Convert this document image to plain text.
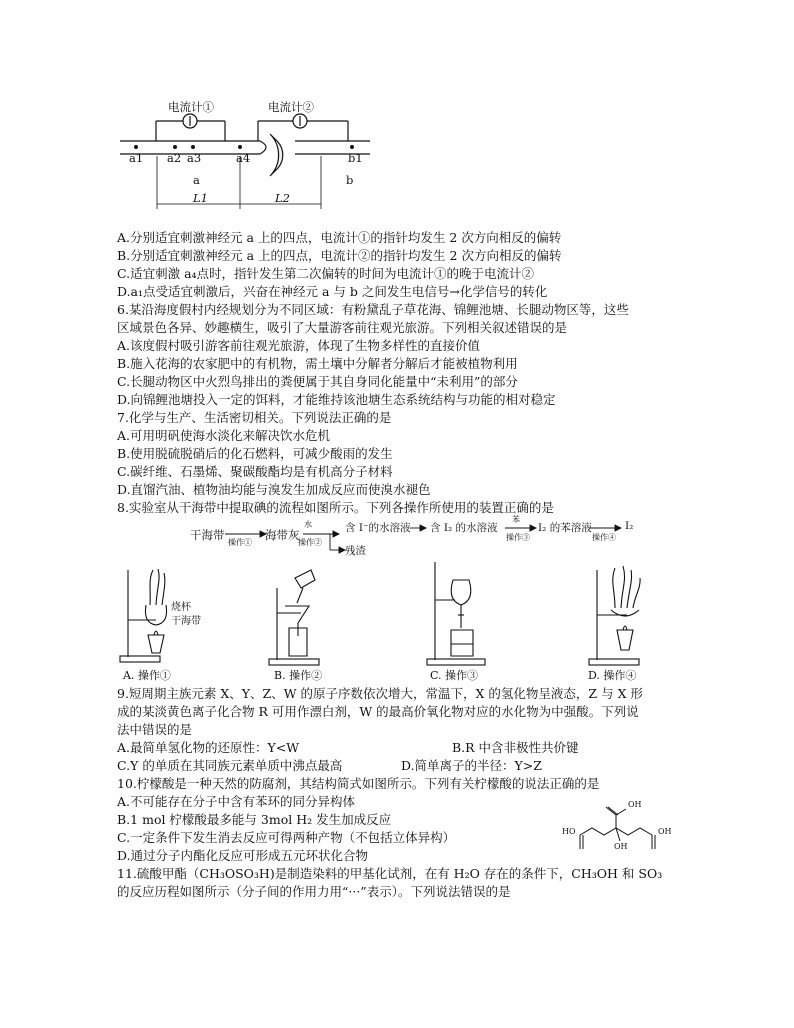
电流计①	电流计②
a1 a2 a3	a4	b1
a	b
L1	L2
A.分别适宜刺激神经元 a 上的四点，电流计①的指针均发生 2 次方向相反的偏转
B.分别适宜刺激神经元 a 上的四点，电流计②的指针均发生 2 次方向相反的偏转
C.适宜刺激 a₄点时，指针发生第二次偏转的时间为电流计①的晚于电流计②
D.a₁点受适宜刺激后，兴奋在神经元 a 与 b 之间发生电信号→化学信号的转化
6.某沿海度假村内经规划分为不同区域：有粉黛乱子草花海、锦鲤池塘、长腿动物区等，这些
区域景色各异、妙趣横生，吸引了大量游客前往观光旅游。下列相关叙述错误的是
A.该度假村吸引游客前往观光旅游，体现了生物多样性的直接价值
B.施入花海的农家肥中的有机物，需土壤中分解者分解后才能被植物利用
C.长腿动物区中火烈鸟排出的粪便属于其自身同化能量中“未利用”的部分
D.向锦鲤池塘投入一定的饵料，才能维持该池塘生态系统结构与功能的相对稳定
7.化学与生产、生活密切相关。下列说法正确的是
A.可用明矾使海水淡化来解决饮水危机
B.使用脱硫脱硝后的化石燃料，可减少酸雨的发生
C.碳纤维、石墨烯、聚碳酸酯均是有机高分子材料
D.直馏汽油、植物油均能与溴发生加成反应而使溴水褪色
8.实验室从干海带中提取碘的流程如图所示。下列各操作所使用的装置正确的是
干海带
操作①
海带灰
水
操作②
含 I⁻的水溶液
残渣
含 I₂ 的水溶液
苯
操作③
I₂ 的苯溶液
操作④
I₂
烧杯
干海带
A. 操作①	B. 操作②	C. 操作③	D. 操作④
9.短周期主族元素 X、Y、Z、W 的原子序数依次增大，常温下，X 的氢化物呈液态，Z 与 X 形
成的某淡黄色离子化合物 R 可用作漂白剂，W 的最高价氧化物对应的水化物为中强酸。下列说
法中错误的是
A.最简单氢化物的还原性：Y<W	B.R 中含非极性共价键
C.Y 的单质在其同族元素单质中沸点最高	D.简单离子的半径：Y>Z
10.柠檬酸是一种天然的防腐剂，其结构简式如图所示。下列有关柠檬酸的说法正确的是
A.不可能存在分子中含有苯环的同分异构体
B.1 mol 柠檬酸最多能与 3mol H₂ 发生加成反应
C.一定条件下发生消去反应可得两种产物（不包括立体异构）
D.通过分子内酯化反应可形成五元环状化合物
11.硫酸甲酯（CH₃OSO₃H)是制造染料的甲基化试剂，在有 H₂O 存在的条件下，CH₃OH 和 SO₃
的反应历程如图所示（分子间的作用力用“···”表示）。下列说法错误的是
OH
OH
HO	OH
